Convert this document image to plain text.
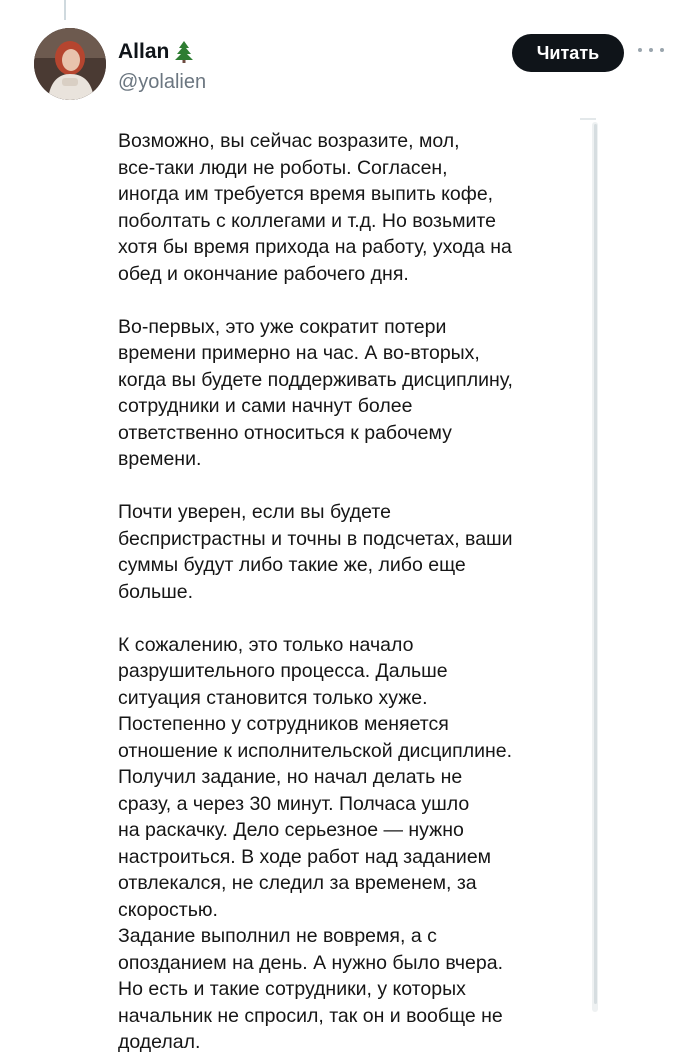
Allan
@yolalien
Читать

Возможно, вы сейчас возразите, мол,
все-таки люди не роботы. Согласен,
иногда им требуется время выпить кофе,
поболтать с коллегами и т.д. Но возьмите
хотя бы время прихода на работу, ухода на
обед и окончание рабочего дня.

Во-первых, это уже сократит потери
времени примерно на час. А во-вторых,
когда вы будете поддерживать дисциплину,
сотрудники и сами начнут более
ответственно относиться к рабочему
времени.

Почти уверен, если вы будете
беспристрастны и точны в подсчетах, ваши
суммы будут либо такие же, либо еще
больше.

К сожалению, это только начало
разрушительного процесса. Дальше
ситуация становится только хуже.
Постепенно у сотрудников меняется
отношение к исполнительской дисциплине.
Получил задание, но начал делать не
сразу, а через 30 минут. Полчаса ушло
на раскачку. Дело серьезное — нужно
настроиться. В ходе работ над заданием
отвлекался, не следил за временем, за
скоростью.
Задание выполнил не вовремя, а с
опозданием на день. А нужно было вчера.
Но есть и такие сотрудники, у которых
начальник не спросил, так он и вообще не
доделал.
